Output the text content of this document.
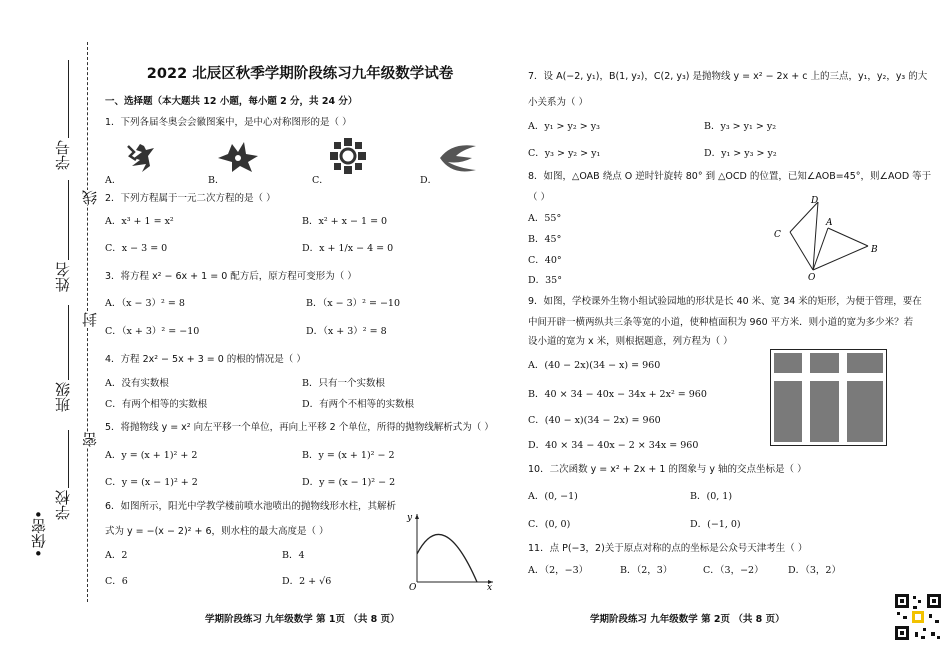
•保密•
学校
班级
姓名
学号
密
封
线
2022 北辰区秋季学期阶段练习九年级数学试卷
一、选择题（本大题共 12 小题，每小题 2 分，共 24 分）
1．下列各届冬奥会会徽图案中，是中心对称图形的是（ ）
A．	B．	C．	D．
2．下列方程属于一元二次方程的是（ ）
A．x³ + 1 = x²	B．x² + x − 1 = 0
C．x − 3 = 0	D．x + 1/x − 4 = 0
3．将方程 x² − 6x + 1 = 0 配方后，原方程可变形为（ ）
A．（x − 3）² = 8	B．（x − 3）² = −10
C．（x + 3）² = −10	D．（x + 3）² = 8
4．方程 2x² − 5x + 3 = 0 的根的情况是（ ）
A．没有实数根	B．只有一个实数根
C．有两个相等的实数根	D．有两个不相等的实数根
5．将抛物线 y = x² 向左平移一个单位，再向上平移 2 个单位，所得的抛物线解析式为（ ）
A．y = (x + 1)² + 2	B．y = (x + 1)² − 2
C．y = (x − 1)² + 2	D．y = (x − 1)² − 2
6．如图所示，阳光中学教学楼前喷水池喷出的抛物线形水柱，其解析
式为 y = −(x − 2)² + 6，则水柱的最大高度是（ ）
A．2	B．4
C．6	D．2 + √6
y
x
O
学期阶段练习 九年级数学 第 1页 （共 8 页）
7．设 A(−2, y₁)，B(1, y₂)，C(2, y₃) 是抛物线 y = x² − 2x + c 上的三点，y₁，y₂，y₃ 的大
小关系为（ ）
A．y₁ > y₂ > y₃	B．y₃ > y₁ > y₂
C．y₃ > y₂ > y₁	D．y₁ > y₃ > y₂
8．如图，△OAB 绕点 O 逆时针旋转 80° 到 △OCD 的位置，已知∠AOB=45°，则∠AOD 等于
（ ）
A．55°
B．45°
C．40°
D．35°
D
C
A
B
O
9．如图，学校课外生物小组试验园地的形状是长 40 米、宽 34 米的矩形，为便于管理，要在
中间开辟一横两纵共三条等宽的小道，使种植面积为 960 平方米．则小道的宽为多少米？若
设小道的宽为 x 米，则根据题意，列方程为（ ）
A．(40 − 2x)(34 − x) = 960
B．40 × 34 − 40x − 34x + 2x² = 960
C．(40 − x)(34 − 2x) = 960
D．40 × 34 − 40x − 2 × 34x = 960
10．二次函数 y = x² + 2x + 1 的图象与 y 轴的交点坐标是（ ）
A．(0, −1)	B．(0, 1)
C．(0, 0)	D．(−1, 0)
11．点 P(−3，2)关于原点对称的点的坐标是公众号天津考生（ ）
A．（2，−3）	B．（2，3）	C．（3，−2）	D．（3，2）
学期阶段练习 九年级数学 第 2页 （共 8 页）
